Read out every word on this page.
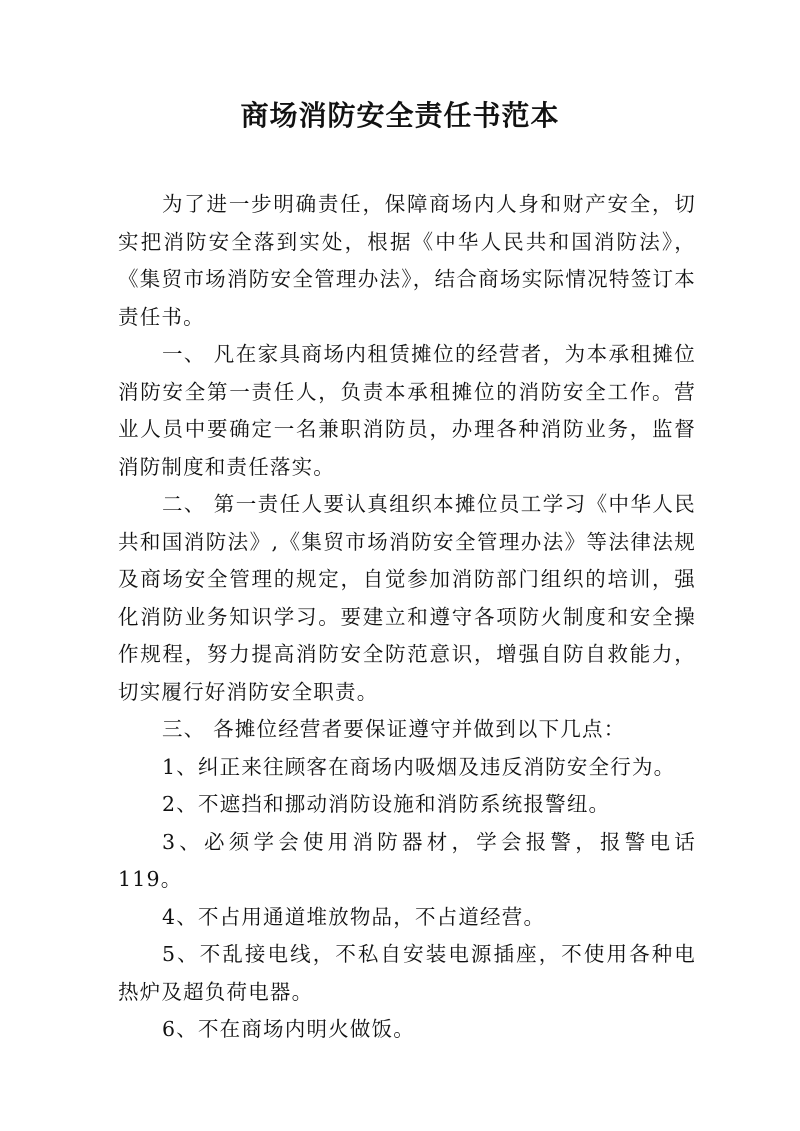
商场消防安全责任书范本

为了进一步明确责任，保障商场内人身和财产安全，切实把消防安全落到实处，根据《中华人民共和国消防法》，《集贸市场消防安全管理办法》，结合商场实际情况特签订本责任书。

一、 凡在家具商场内租赁摊位的经营者，为本承租摊位消防安全第一责任人，负责本承租摊位的消防安全工作。营业人员中要确定一名兼职消防员，办理各种消防业务，监督消防制度和责任落实。

二、 第一责任人要认真组织本摊位员工学习《中华人民共和国消防法》,《集贸市场消防安全管理办法》等法律法规及商场安全管理的规定，自觉参加消防部门组织的培训，强化消防业务知识学习。要建立和遵守各项防火制度和安全操作规程，努力提高消防安全防范意识，增强自防自救能力，切实履行好消防安全职责。

三、 各摊位经营者要保证遵守并做到以下几点：

1、纠正来往顾客在商场内吸烟及违反消防安全行为。

2、不遮挡和挪动消防设施和消防系统报警纽。

3、必须学会使用消防器材，学会报警，报警电话 119。

4、不占用通道堆放物品，不占道经营。

5、不乱接电线，不私自安装电源插座，不使用各种电热炉及超负荷电器。

6、不在商场内明火做饭。
